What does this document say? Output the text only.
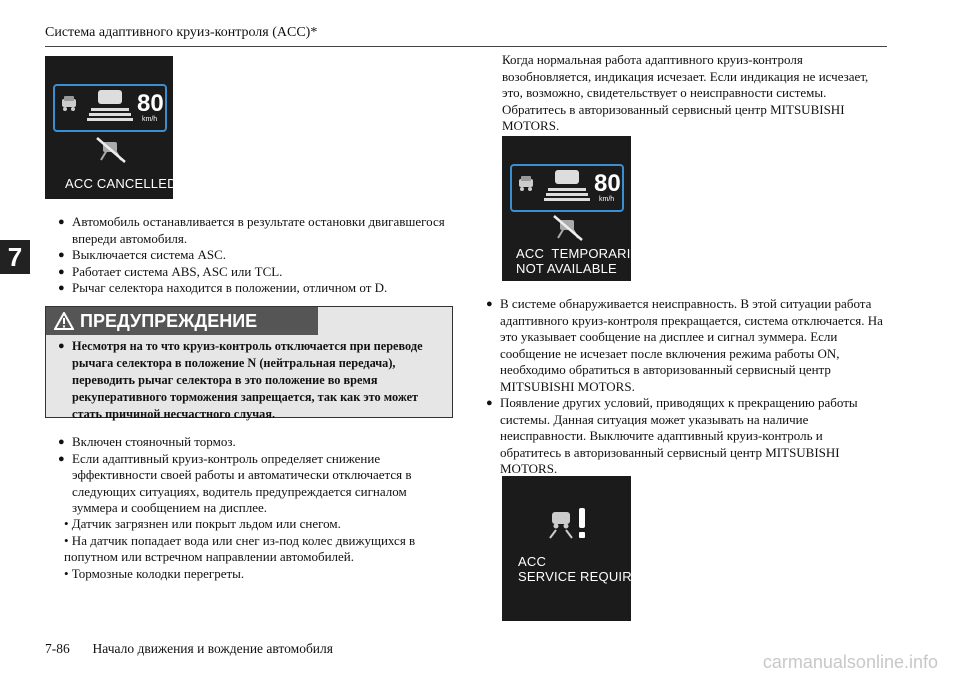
Система адаптивного круиз-контроля (ACC)*
7
80
km/h
ACC CANCELLED
● Автомобиль останавливается в результате остановки двигавшегося впереди автомобиля.
● Выключается система ASC.
● Работает система ABS, ASC или TCL.
● Рычаг селектора находится в положении, отличном от D.
ПРЕДУПРЕЖДЕНИЕ
● Несмотря на то что круиз-контроль отключается при переводе рычага селектора в положение N (нейтральная передача), переводить рычаг селектора в это положение во время рекуперативного торможения запрещается, так как это может стать причиной несчастного случая.
● Включен стояночный тормоз.
● Если адаптивный круиз-контроль определяет снижение эффективности своей работы и автоматически отключается в следующих ситуациях, водитель предупреждается сигналом зуммера и сообщением на дисплее.
• Датчик загрязнен или покрыт льдом или снегом.
• На датчик попадает вода или снег из-под колес движущихся в попутном или встречном направлении автомобилей.
• Тормозные колодки перегреты.
Когда нормальная работа адаптивного круиз-контроля возобновляется, индикация исчезает. Если индикация не исчезает, это, возможно, свидетельствует о неисправности системы. Обратитесь в авторизованный сервисный центр MITSUBISHI MOTORS.
80
km/h
ACC  TEMPORARILY
NOT AVAILABLE
● В системе обнаруживается неисправность. В этой ситуации работа адаптивного круиз-контроля прекращается, система отключается. На это указывает сообщение на дисплее и сигнал зуммера. Если сообщение не исчезает после включения режима работы ON, необходимо обратиться в авторизованный сервисный центр MITSUBISHI MOTORS.
● Появление других условий, приводящих к прекращению работы системы. Данная ситуация может указывать на наличие неисправности. Выключите адаптивный круиз-контроль и обратитесь в авторизованный сервисный центр MITSUBISHI MOTORS.
ACC
SERVICE REQUIRED
7-86 Начало движения и вождение автомобиля
carmanualsonline.info
